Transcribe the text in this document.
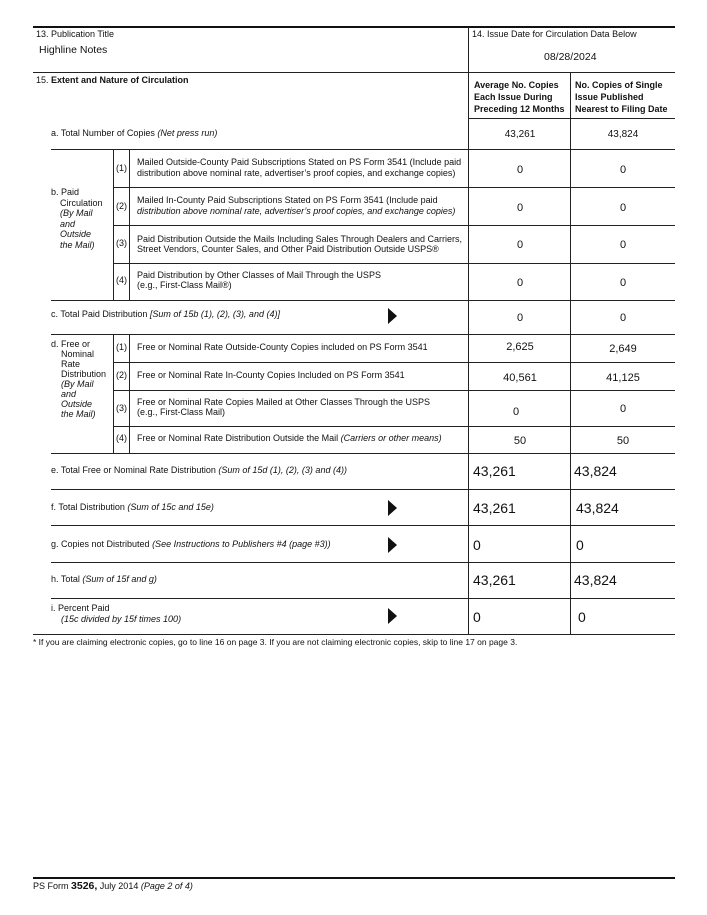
13. Publication Title
Highline Notes
14. Issue Date for Circulation Data Below
08/28/2024
15. Extent and Nature of Circulation	Average No. Copies
Each Issue During
Preceding 12 Months
No. Copies of Single
Issue Published
Nearest to Filing Date
a. Total Number of Copies (Net press run)	43,261	43,824
b. Paid
Circulation
(By Mail
and
Outside
the Mail)
(1)
Mailed Outside-County Paid Subscriptions Stated on PS Form 3541 (Include paid
distribution above nominal rate, advertiser’s proof copies, and exchange copies)	0	0
(2)
Mailed In-County Paid Subscriptions Stated on PS Form 3541 (Include paid
distribution above nominal rate, advertiser’s proof copies, and exchange copies)	0	0
(3) Paid Distribution Outside the Mails Including Sales Through Dealers and Carriers,
Street Vendors, Counter Sales, and Other Paid Distribution Outside USPS®	0	0
(4) Paid Distribution by Other Classes of Mail Through the USPS
(e.g., First-Class Mail®)	0	0
c. Total Paid Distribution [Sum of 15b (1), (2), (3), and (4)]	0	0
d. Free or
Nominal
Rate
Distribution
(By Mail
and
Outside
the Mail)
(1) Free or Nominal Rate Outside-County Copies included on PS Form 3541	2,625	2,649
(2) Free or Nominal Rate In-County Copies Included on PS Form 3541	40,561	41,125
(3)
Free or Nominal Rate Copies Mailed at Other Classes Through the USPS
(e.g., First-Class Mail)	0	0
(4) Free or Nominal Rate Distribution Outside the Mail (Carriers or other means)	50	50
e. Total Free or Nominal Rate Distribution (Sum of 15d (1), (2), (3) and (4))	43,261	43,824
f. Total Distribution (Sum of 15c and 15e)	43,261	43,824
g. Copies not Distributed (See Instructions to Publishers #4 (page #3))	0	0
h. Total (Sum of 15f and g)	43,261	43,824
i. Percent Paid
(15c divided by 15f times 100)	0	0
* If you are claiming electronic copies, go to line 16 on page 3. If you are not claiming electronic copies, skip to line 17 on page 3.
PS Form 3526, July 2014 (Page 2 of 4)
